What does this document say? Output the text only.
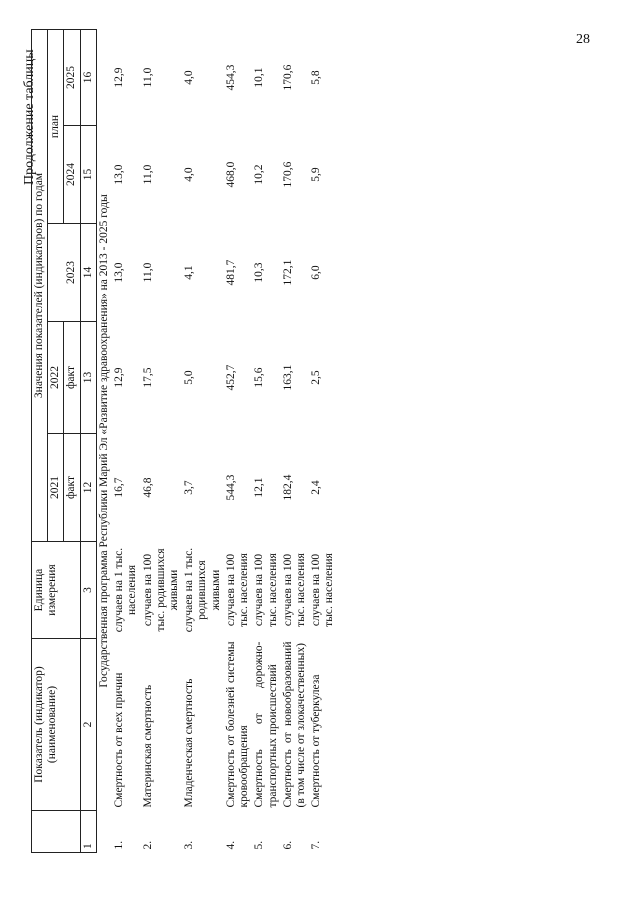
28
Продолжение таблицы
	Показатель (индикатор) (наименование)	Единица измерения	Значения показателей (индикаторов) по годам				
			2021	2022	2023	план	
						2024	2025
			факт	факт			
1	2	3	12	13	14	15	16
Государственная программа Республики Марий Эл «Развитие здравоохранения» на 2013 - 2025 годы							
1.	Смертность от всех причин	случаев на 1 тыс. населения	16,7	12,9	13,0	13,0	12,9
2.	Материнская смертность	случаев на 100 тыс. родившихся живыми	46,8	17,5	11,0	11,0	11,0
3.	Младенческая смертность	случаев на 1 тыс. родившихся живыми	3,7	5,0	4,1	4,0	4,0
4.	Смертность от болезней системы кровообращения	случаев на 100 тыс. населения	544,3	452,7	481,7	468,0	454,3
5.	Смертность от дорожно-транспортных происшествий	случаев на 100 тыс. населения	12,1	15,6	10,3	10,2	10,1
6.	Смертность от новообразований (в том числе от злокачественных)	случаев на 100 тыс. населения	182,4	163,1	172,1	170,6	170,6
7.	Смертность от туберкулеза	случаев на 100 тыс. населения	2,4	2,5	6,0	5,9	5,8
